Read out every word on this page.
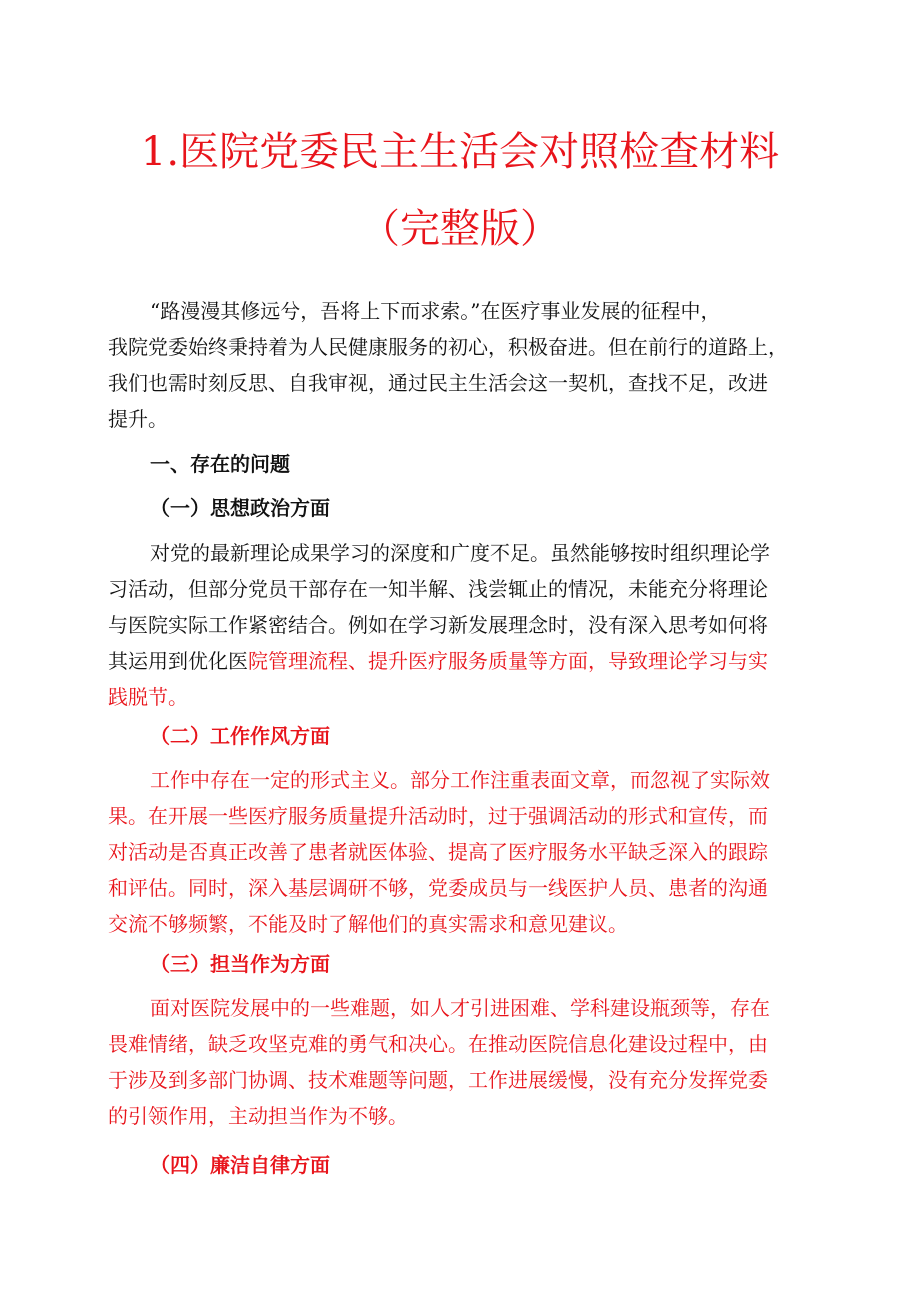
1.医院党委民主生活会对照检查材料
（完整版）

“路漫漫其修远兮，吾将上下而求索。”在医疗事业发展的征程中，
我院党委始终秉持着为人民健康服务的初心，积极奋进。但在前行的道路上，
我们也需时刻反思、自我审视，通过民主生活会这一契机，查找不足，改进
提升。

一、存在的问题
（一）思想政治方面

对党的最新理论成果学习的深度和广度不足。虽然能够按时组织理论学
习活动，但部分党员干部存在一知半解、浅尝辄止的情况，未能充分将理论
与医院实际工作紧密结合。例如在学习新发展理念时，没有深入思考如何将
其运用到优化医院管理流程、提升医疗服务质量等方面，导致理论学习与实
践脱节。

（二）工作作风方面

工作中存在一定的形式主义。部分工作注重表面文章，而忽视了实际效
果。在开展一些医疗服务质量提升活动时，过于强调活动的形式和宣传，而
对活动是否真正改善了患者就医体验、提高了医疗服务水平缺乏深入的跟踪
和评估。同时，深入基层调研不够，党委成员与一线医护人员、患者的沟通
交流不够频繁，不能及时了解他们的真实需求和意见建议。

（三）担当作为方面

面对医院发展中的一些难题，如人才引进困难、学科建设瓶颈等，存在
畏难情绪，缺乏攻坚克难的勇气和决心。在推动医院信息化建设过程中，由
于涉及到多部门协调、技术难题等问题，工作进展缓慢，没有充分发挥党委
的引领作用，主动担当作为不够。

（四）廉洁自律方面
